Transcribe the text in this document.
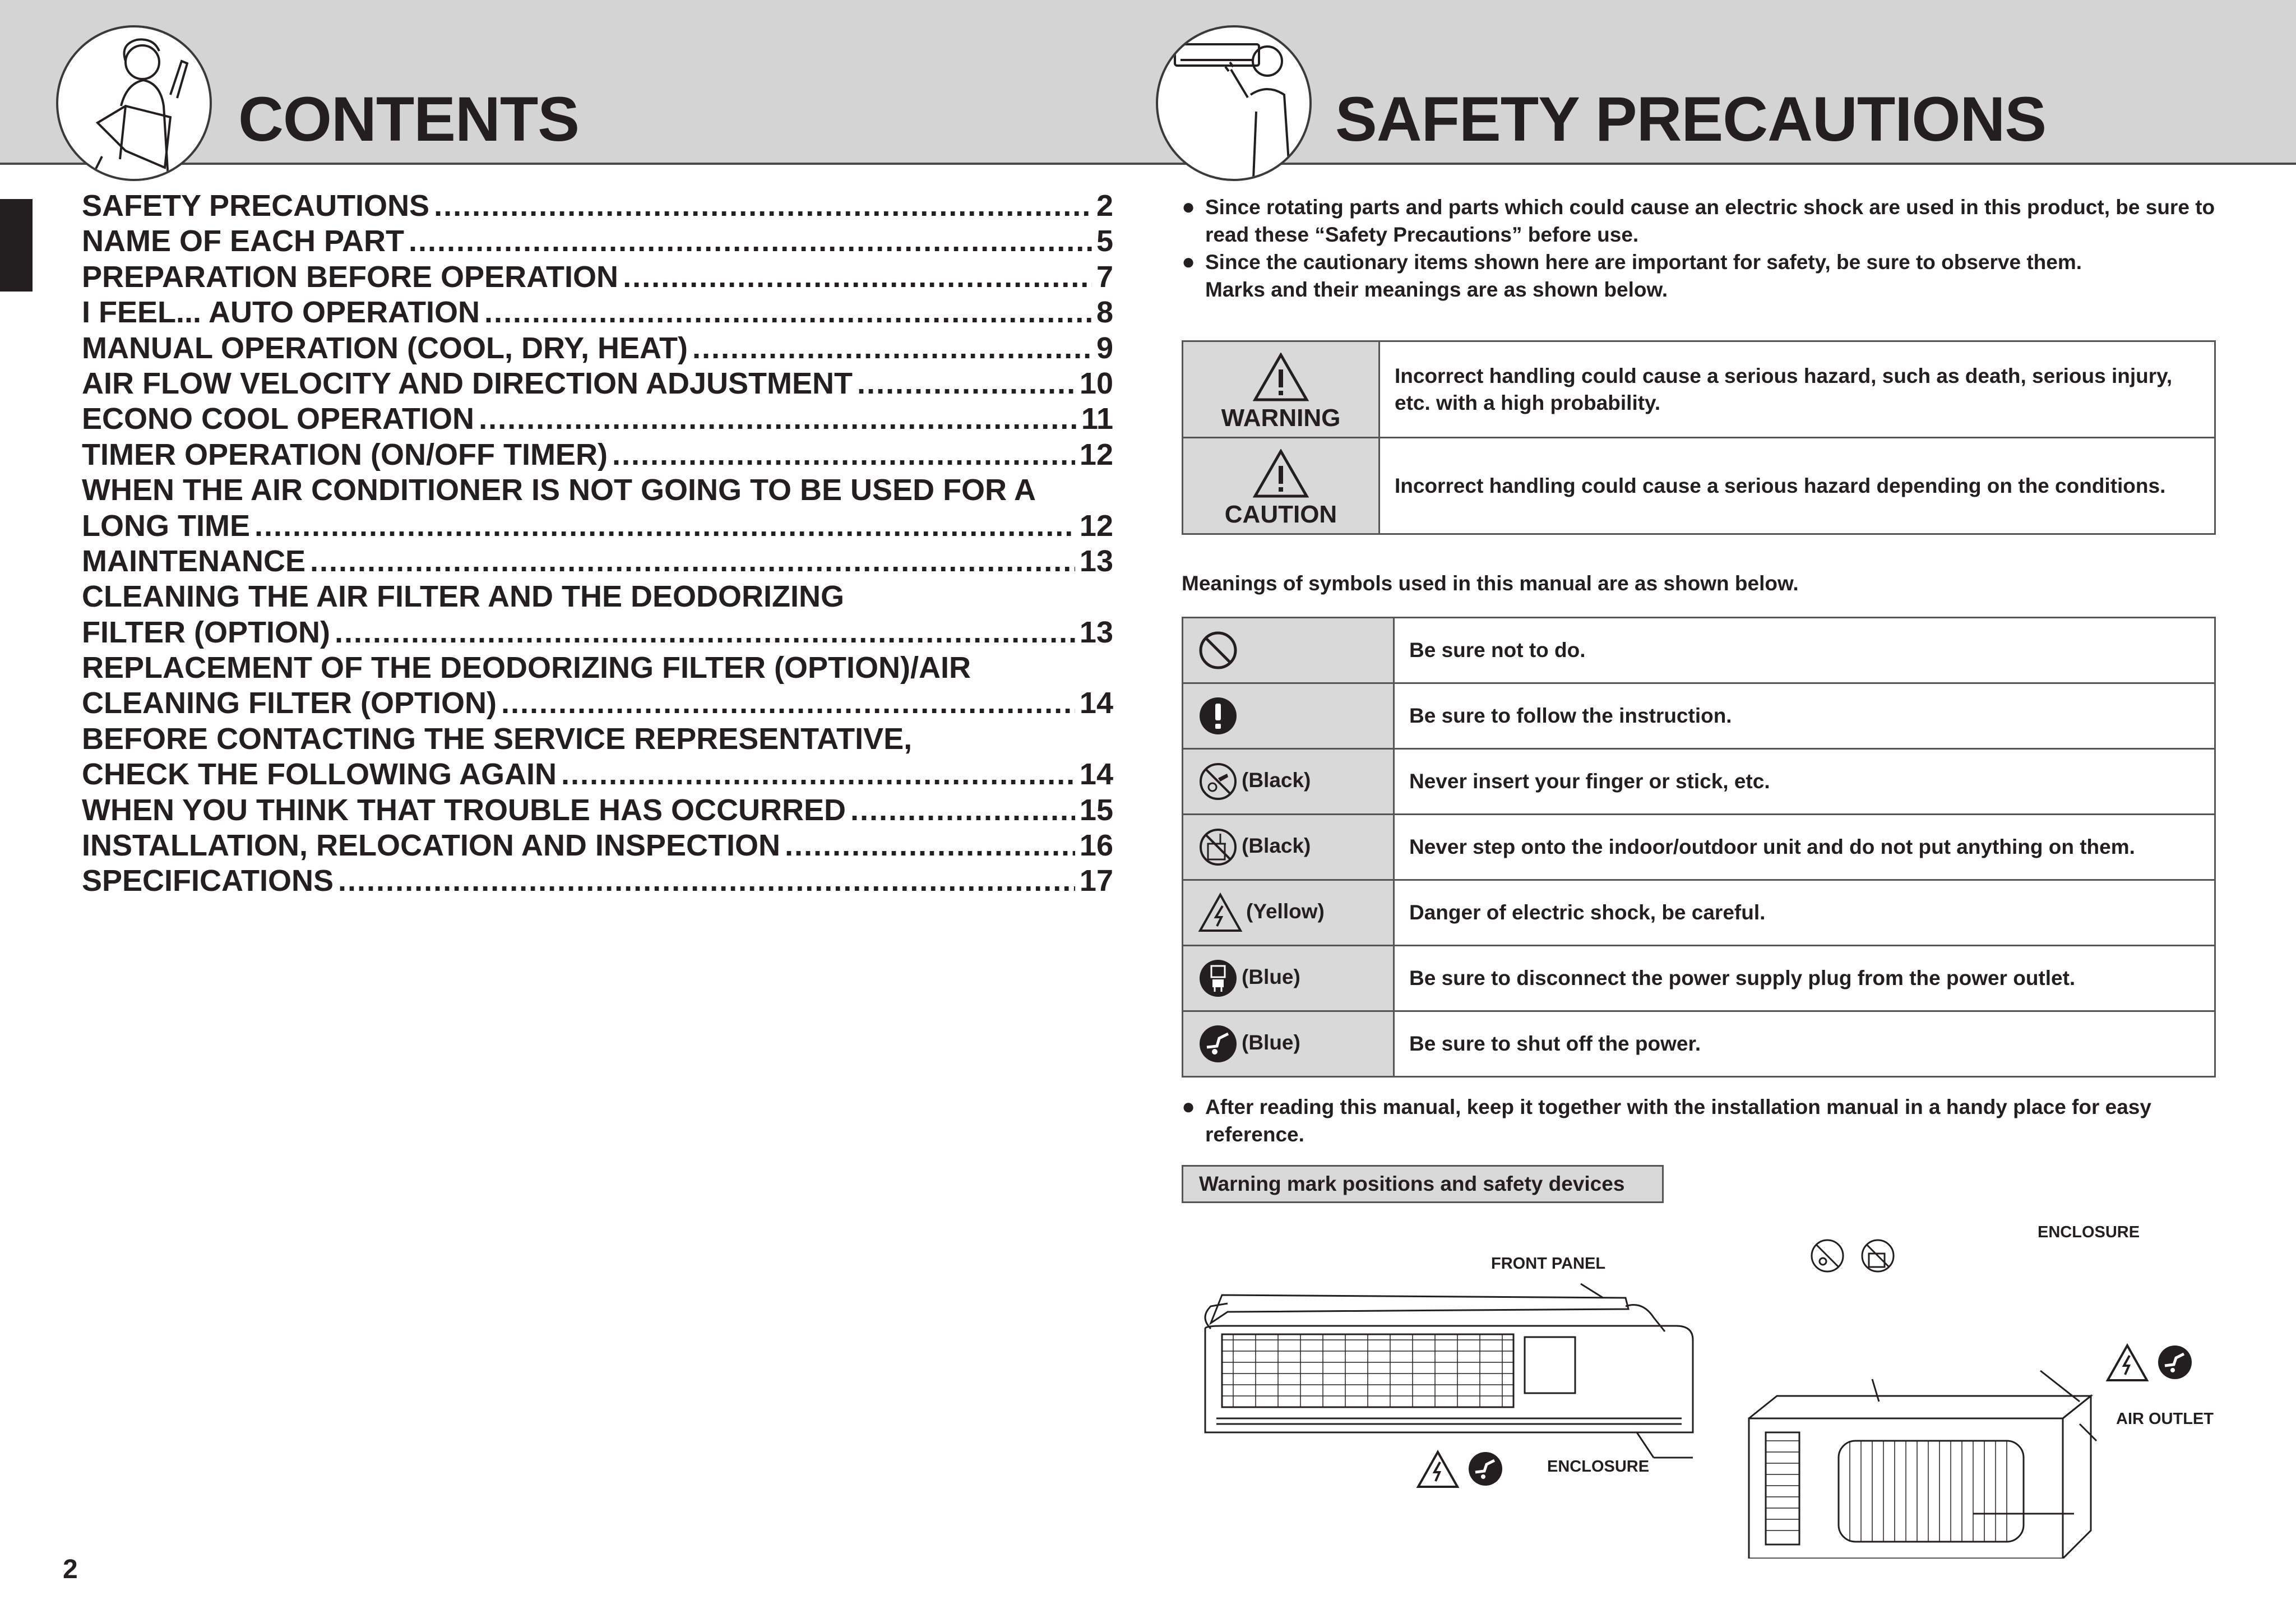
CONTENTS	SAFETY PRECAUTIONS
SAFETY PRECAUTIONS .....	2
NAME OF EACH PART .....	5
PREPARATION BEFORE OPERATION .....	7
I FEEL... AUTO OPERATION .....	8
MANUAL OPERATION (COOL, DRY, HEAT) .....	9
AIR FLOW VELOCITY AND DIRECTION ADJUSTMENT .....	10
ECONO COOL OPERATION .....	11
TIMER OPERATION (ON/OFF TIMER) .....	12
WHEN THE AIR CONDITIONER IS NOT GOING TO BE USED FOR A
LONG TIME .....	12
MAINTENANCE .....	13
CLEANING THE AIR FILTER AND THE DEODORIZING
FILTER (OPTION) .....	13
REPLACEMENT OF THE DEODORIZING FILTER (OPTION)/AIR
CLEANING FILTER (OPTION) .....	14
BEFORE CONTACTING THE SERVICE REPRESENTATIVE,
CHECK THE FOLLOWING AGAIN .....	14
WHEN YOU THINK THAT TROUBLE HAS OCCURRED .....	15
INSTALLATION, RELOCATION AND INSPECTION .....	16
SPECIFICATIONS .....	17
● Since rotating parts and parts which could cause an electric shock are used in this product, be sure to read these “Safety Precautions” before use.
● Since the cautionary items shown here are important for safety, be sure to observe them.
Marks and their meanings are as shown below.
WARNING	Incorrect handling could cause a serious hazard, such as death, serious injury, etc. with a high probability.

CAUTION	Incorrect handling could cause a serious hazard depending on the conditions.
Meanings of symbols used in this manual are as shown below.
	Be sure not to do.
	Be sure to follow the instruction.
(Black)	Never insert your finger or stick, etc.
(Black)	Never step onto the indoor/outdoor unit and do not put anything on them.
(Yellow)	Danger of electric shock, be careful.
(Blue)	Be sure to disconnect the power supply plug from the power outlet.
(Blue)	Be sure to shut off the power.
● After reading this manual, keep it together with the installation manual in a handy place for easy reference.
Warning mark positions and safety devices
FRONT PANEL
ENCLOSURE
ENCLOSURE
AIR OUTLET
2
